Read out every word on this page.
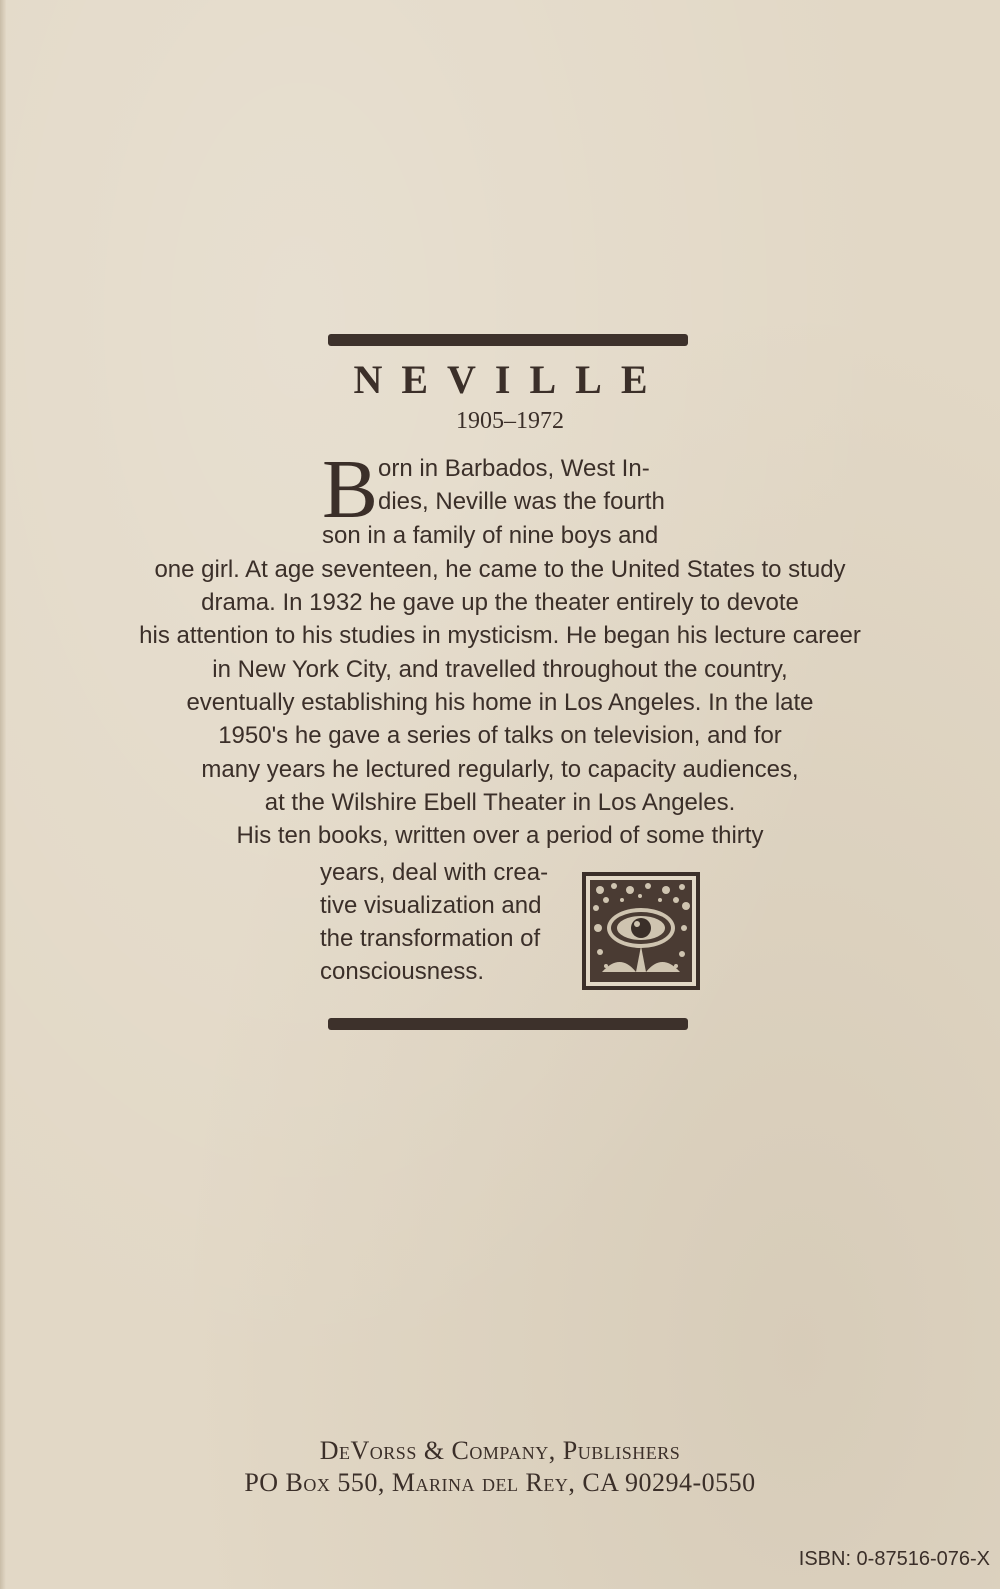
NEVILLE
1905–1972
B orn in Barbados, West In-
dies, Neville was the fourth
son in a family of nine boys and
one girl. At age seventeen, he came to the United States to study
drama. In 1932 he gave up the theater entirely to devote
his attention to his studies in mysticism. He began his lecture career
in New York City, and travelled throughout the country,
eventually establishing his home in Los Angeles. In the late
1950's he gave a series of talks on television, and for
many years he lectured regularly, to capacity audiences,
at the Wilshire Ebell Theater in Los Angeles.
His ten books, written over a period of some thirty
years, deal with crea-
tive visualization and
the transformation of
consciousness.
DeVorss & Company, Publishers
PO Box 550, Marina del Rey, CA 90294-0550
ISBN: 0-87516-076-X
